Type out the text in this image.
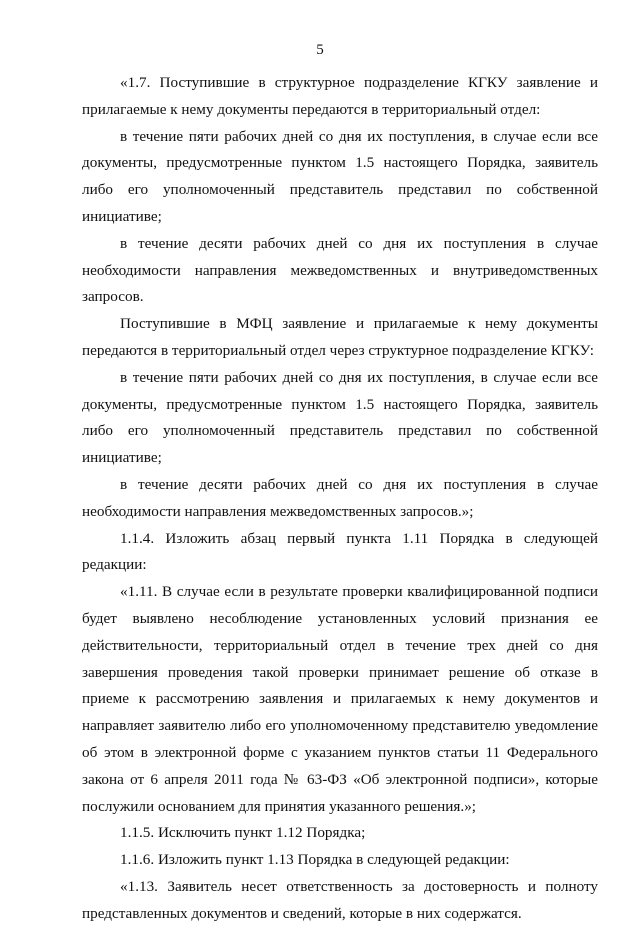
5

«1.7. Поступившие в структурное подразделение КГКУ заявление и прилагаемые к нему документы передаются в территориальный отдел:

в течение пяти рабочих дней со дня их поступления, в случае если все документы, предусмотренные пунктом 1.5 настоящего Порядка, заявитель либо его уполномоченный представитель представил по собственной инициативе;

в течение десяти рабочих дней со дня их поступления в случае необходимости направления межведомственных и внутриведомственных запросов.

Поступившие в МФЦ заявление и прилагаемые к нему документы передаются в территориальный отдел через структурное подразделение КГКУ:

в течение пяти рабочих дней со дня их поступления, в случае если все документы, предусмотренные пунктом 1.5 настоящего Порядка, заявитель либо его уполномоченный представитель представил по собственной инициативе;

в течение десяти рабочих дней со дня их поступления в случае необходимости направления межведомственных запросов.»;

1.1.4. Изложить абзац первый пункта 1.11 Порядка в следующей редакции:

«1.11. В случае если в результате проверки квалифицированной подписи будет выявлено несоблюдение установленных условий признания ее действительности, территориальный отдел в течение трех дней со дня завершения проведения такой проверки принимает решение об отказе в приеме к рассмотрению заявления и прилагаемых к нему документов и направляет заявителю либо его уполномоченному представителю уведомление об этом в электронной форме с указанием пунктов статьи 11 Федерального закона от 6 апреля 2011 года № 63-ФЗ «Об электронной подписи», которые послужили основанием для принятия указанного решения.»;

1.1.5. Исключить пункт 1.12 Порядка;

1.1.6. Изложить пункт 1.13 Порядка в следующей редакции:

«1.13. Заявитель несет ответственность за достоверность и полноту представленных документов и сведений, которые в них содержатся.
